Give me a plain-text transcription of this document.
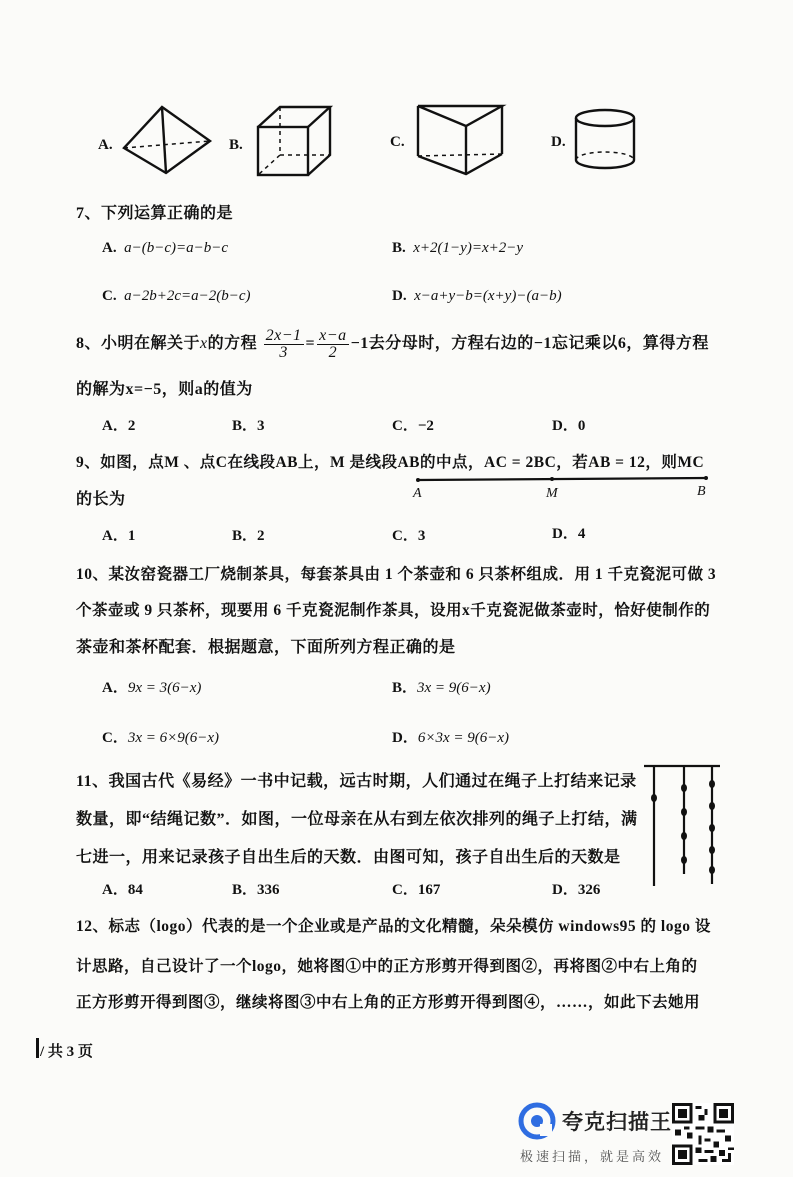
A.	B.	C.	D.
7、下列运算正确的是
A. a−(b−c)=a−b−c	B. x+2(1−y)=x+2−y
C. a−2b+2c=a−2(b−c)	D. x−a+y−b=(x+y)−(a−b)
8、小明在解关于x的方程 $\frac{2x-1}{3} = \frac{x-a}{2} -1$去分母时，方程右边的−1忘记乘以6，算得方程
的解为x=−5，则a的值为
A．2	B．3	C．−2	D．0
9、如图，点M 、点C在线段AB上，M 是线段AB的中点，AC = 2BC，若AB = 12，则MC
的长为	A	M	B
A．1	B．2	C．3	D．4
10、某汝窑瓷器工厂烧制茶具，每套茶具由 1 个茶壶和 6 只茶杯组成．用 1 千克瓷泥可做 3
个茶壶或 9 只茶杯，现要用 6 千克瓷泥制作茶具，设用x千克瓷泥做茶壶时，恰好使制作的
茶壶和茶杯配套．根据题意，下面所列方程正确的是
A．9x = 3(6−x)	B．3x = 9(6−x)
C．3x = 6×9(6−x)	D．6×3x = 9(6−x)
11、我国古代《易经》一书中记载，远古时期，人们通过在绳子上打结来记录
数量，即“结绳记数”．如图，一位母亲在从右到左依次排列的绳子上打结，满
七进一，用来记录孩子自出生后的天数．由图可知，孩子自出生后的天数是
A．84	B．336	C．167	D．326
12、标志（logo）代表的是一个企业或是产品的文化精髓，朵朵模仿 windows95 的 logo 设
计思路，自己设计了一个logo，她将图①中的正方形剪开得到图②，再将图②中右上角的
正方形剪开得到图③，继续将图③中右上角的正方形剪开得到图④，……，如此下去她用
/ 共 3 页
夸克扫描王
极速扫描，就是高效
